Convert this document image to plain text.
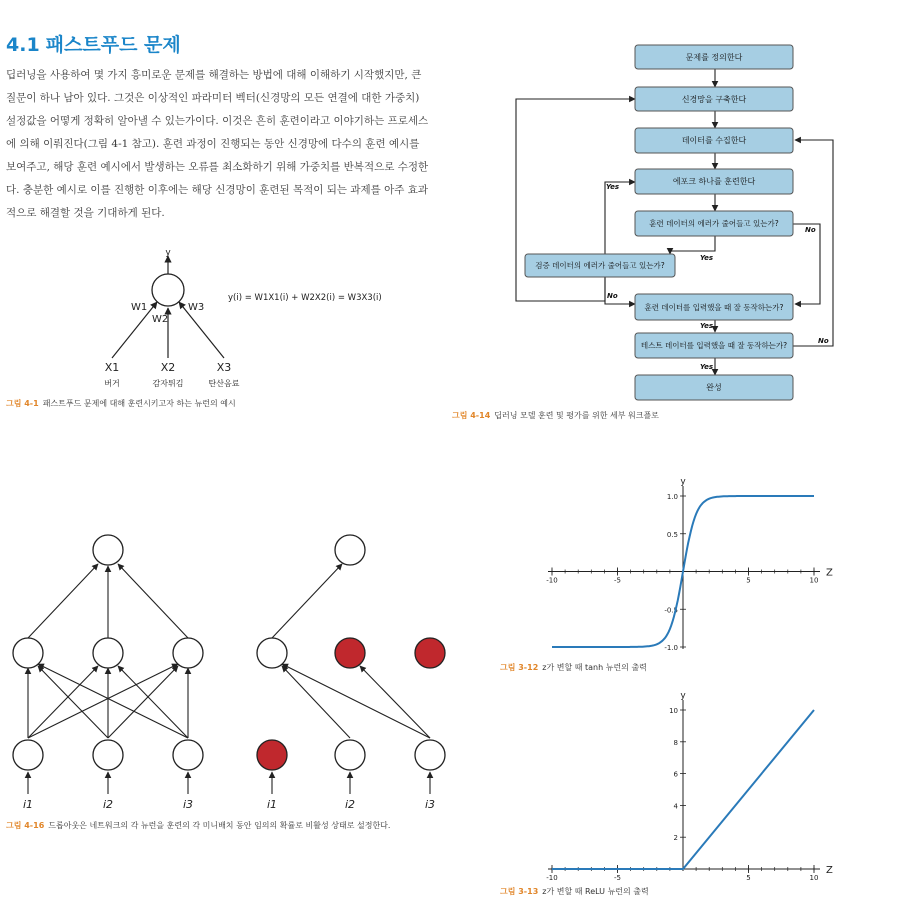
4.1 패스트푸드 문제
딥러닝을 사용하여 몇 가지 흥미로운 문제를 해결하는 방법에 대해 이해하기 시작했지만, 큰
질문이 하나 남아 있다. 그것은 이상적인 파라미터 벡터(신경망의 모든 연결에 대한 가중치)
설정값을 어떻게 정확히 알아낼 수 있는가이다. 이것은 흔히 훈련이라고 이야기하는 프로세스
에 의해 이뤄진다(그림 4-1 참고). 훈련 과정이 진행되는 동안 신경망에 다수의 훈련 예시를
보여주고, 해당 훈련 예시에서 발생하는 오류를 최소화하기 위해 가중치를 반복적으로 수정한
다. 충분한 예시로 이를 진행한 이후에는 해당 신경망이 훈련된 목적이 되는 과제를 아주 효과
적으로 해결할 것을 기대하게 된다.
y
W1
W2
W3
y(i) = W1X1(i) + W2X2(i) = W3X3(i)
X1	X2	X3
버거	감자튀김	탄산음료
그림 4-1 패스트푸드 문제에 대해 훈련시키고자 하는 뉴런의 예시
문제를 정의한다
신경망을 구축한다
데이터를 수집한다
에포크 하나를 훈련한다
훈련 데이터의 에러가 줄어들고 있는가?
검증 데이터의 에러가 줄어들고 있는가?
훈련 데이터를 입력했을 때 잘 동작하는가?
테스트 데이터를 입력했을 때 잘 동작하는가?
완성
Yes
Yes
Yes
Yes
No
No
No
그림 4-14 딥러닝 모델 훈련 및 평가를 위한 세부 워크플로
i1	i2	i3	i1	i2	i3
그림 4-16 드롭아웃은 네트워크의 각 뉴런을 훈련의 각 미니배치 동안 임의의 확률로 비활성 상태로 설정한다.
1.0
0.5
-0.5
-1.0
-10	-5	5	10
Z
y
그림 3-12 z가 변할 때 tanh 뉴런의 출력
10
8
6
4
2
-10	-5	5	10
Z
y
그림 3-13 z가 변할 때 ReLU 뉴런의 출력
